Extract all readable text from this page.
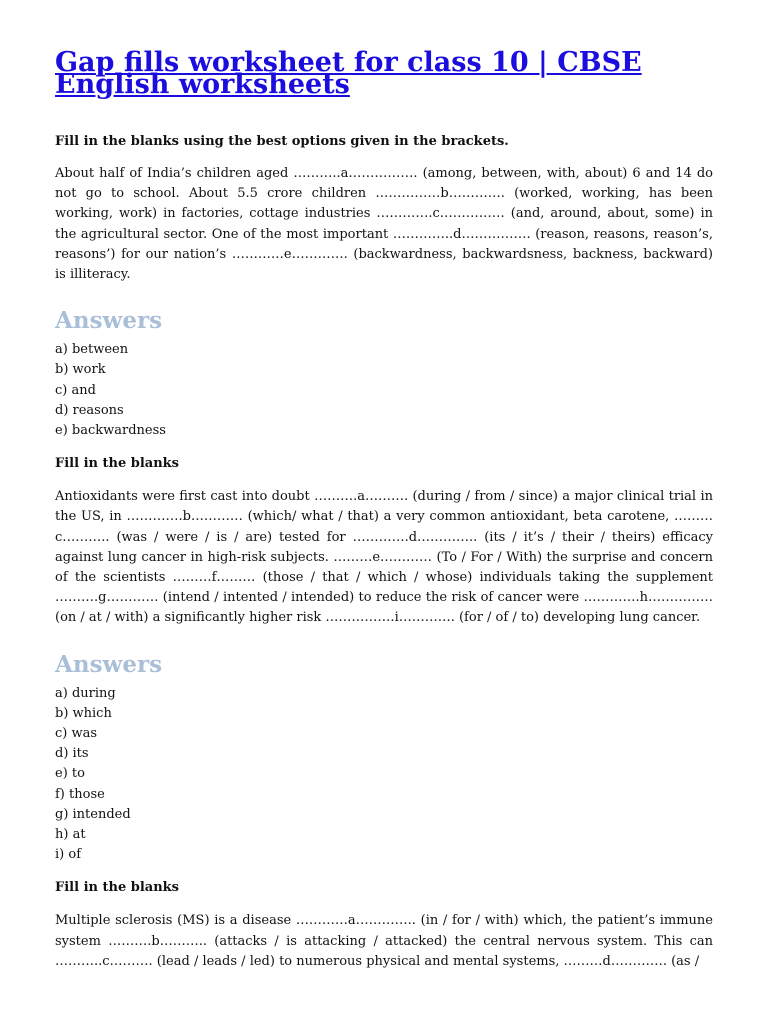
Gap fills worksheet for class 10 | CBSE
English worksheets

Fill in the blanks using the best options given in the brackets.

About half of India’s children aged ………..a……………. (among, between, with, about) 6 and 14 do not go to school. About 5.5 crore children ……………b…………. (worked, working, has been working, work) in factories, cottage industries ………….c…………… (and, around, about, some) in the agricultural sector. One of the most important …………..d……………. (reason, reasons, reason’s, reasons’) for our nation’s …………e…………. (backwardness, backwardsness, backness, backward) is illiteracy.

Answers
a) between
b) work
c) and
d) reasons
e) backwardness

Fill in the blanks

Antioxidants were first cast into doubt ……….a………. (during / from / since) a major clinical trial in the US, in ………….b………… (which/ what / that) a very common antioxidant, beta carotene, ………c……….. (was / were / is / are) tested for ………….d………….. (its / it’s / their / theirs) efficacy against lung cancer in high-risk subjects. ………e………… (To / For / With) the surprise and concern of the scientists ………f……… (those / that / which / whose) individuals taking the supplement ……….g………… (intend / intented / intended) to reduce the risk of cancer were ………….h…………… (on / at / with) a significantly higher risk …………….i…………. (for / of / to) developing lung cancer.

Answers
a) during
b) which
c) was
d) its
e) to
f) those
g) intended
h) at
i) of

Fill in the blanks

Multiple sclerosis (MS) is a disease …………a………….. (in / for / with) which, the patient’s immune system ……….b……….. (attacks / is attacking / attacked) the central nervous system. This can ………..c………. (lead / leads / led) to numerous physical and mental systems, ………d…………. (as /
